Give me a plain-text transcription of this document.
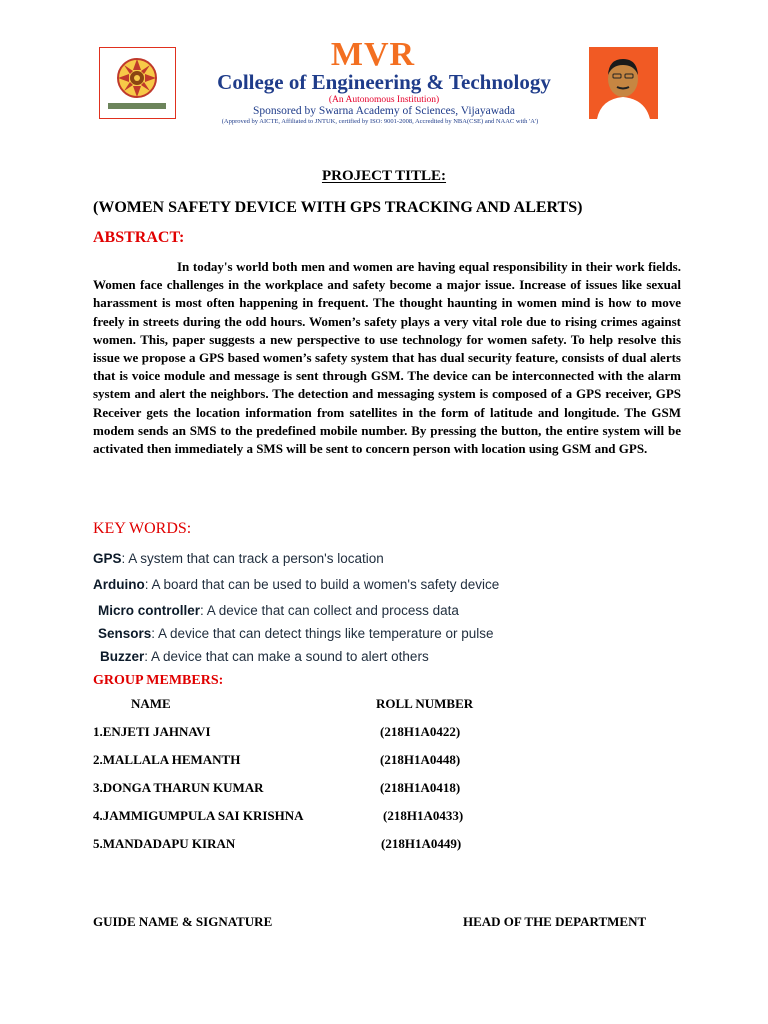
MVR
College of Engineering & Technology
(An Autonomous Institution)
Sponsored by Swarna Academy of Sciences, Vijayawada
(Approved by AICTE, Affiliated to JNTUK, certified by ISO: 9001-2008, Accredited by NBA(CSE) and NAAC with 'A')
PROJECT TITLE:
(WOMEN SAFETY DEVICE WITH GPS TRACKING AND ALERTS)
ABSTRACT:

In today's world both men and women are having equal responsibility in their work fields. Women face challenges in the workplace and safety become a major issue. Increase of issues like sexual harassment is most often happening in frequent. The thought haunting in women mind is how to move freely in streets during the odd hours. Women’s safety plays a very vital role due to rising crimes against women. This, paper suggests a new perspective to use technology for women safety. To help resolve this issue we propose a GPS based women’s safety system that has dual security feature, consists of dual alerts that is voice module and message is sent through GSM. The device can be interconnected with the alarm system and alert the neighbors. The detection and messaging system is composed of a GPS receiver, GPS Receiver gets the location information from satellites in the form of latitude and longitude. The GSM modem sends an SMS to the predefined mobile number. By pressing the button, the entire system will be activated then immediately a SMS will be sent to concern person with location using GSM and GPS.

KEY WORDS:
GPS: A system that can track a person's location
Arduino: A board that can be used to build a women's safety device
Micro controller: A device that can collect and process data
Sensors: A device that can detect things like temperature or pulse
Buzzer: A device that can make a sound to alert others
GROUP MEMBERS:
NAME	ROLL NUMBER
1.ENJETI JAHNAVI	(218H1A0422)
2.MALLALA HEMANTH	(218H1A0448)
3.DONGA THARUN KUMAR	(218H1A0418)
4.JAMMIGUMPULA SAI KRISHNA	(218H1A0433)
5.MANDADAPU KIRAN	(218H1A0449)
GUIDE NAME & SIGNATURE	HEAD OF THE DEPARTMENT
